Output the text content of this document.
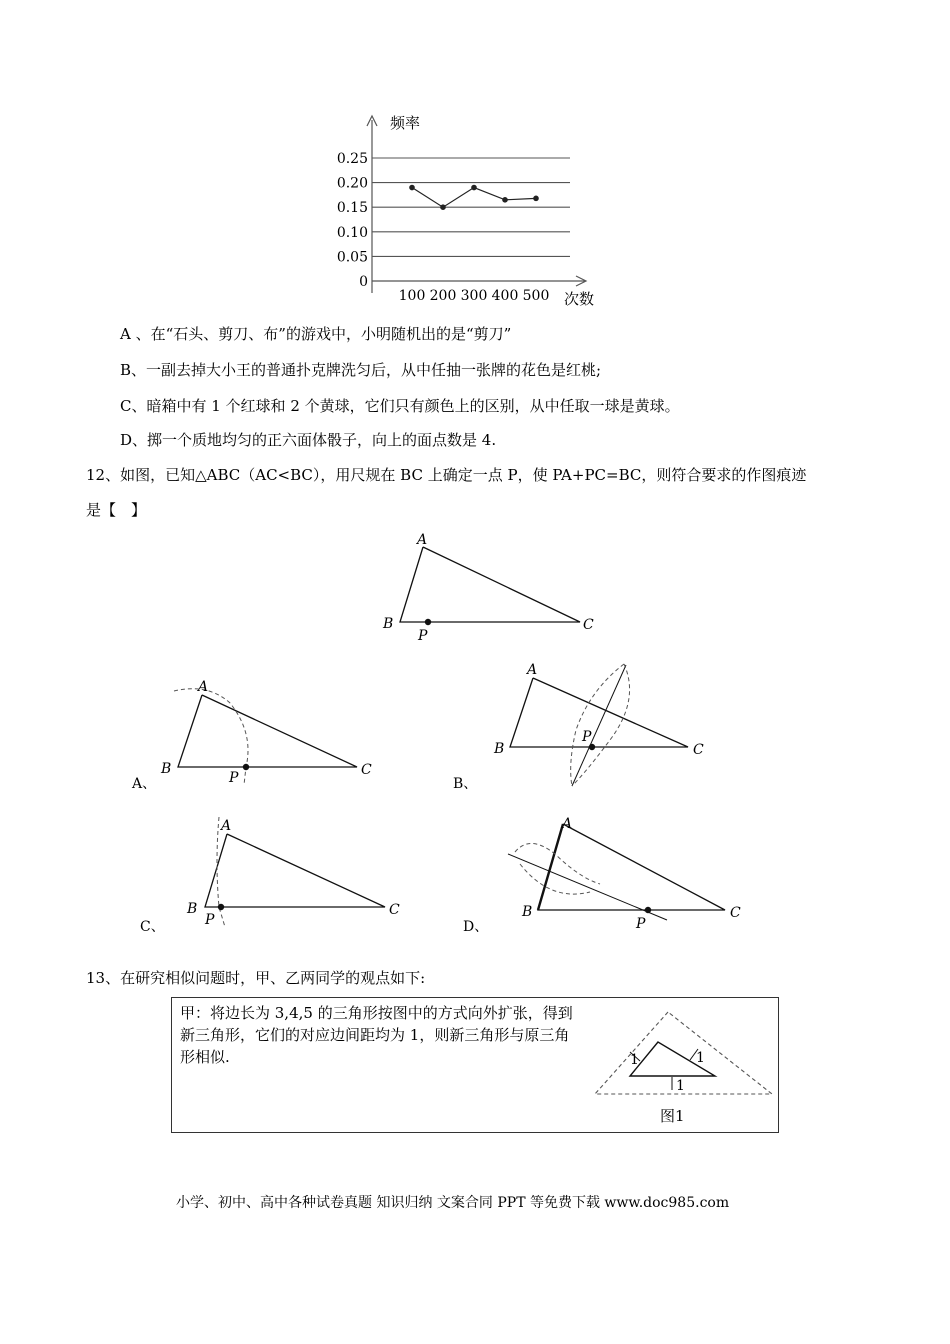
频率
次数
0.25
0.20
0.15
0.10
0.05
0
100 200 300 400 500
A 、在“石头、剪刀、布”的游戏中，小明随机出的是“剪刀”
B、一副去掉大小王的普通扑克牌洗匀后，从中任抽一张牌的花色是红桃;
C、暗箱中有 1 个红球和 2 个黄球，它们只有颜色上的区别，从中任取一球是黄球。
D、掷一个质地均匀的正六面体骰子，向上的面点数是 4.
12、如图，已知△ABC（AC<BC），用尺规在 BC 上确定一点 P，使 PA+PC=BC，则符合要求的作图痕迹
是【　】
A
B	C
P
A
B	C
P
A、
A
B	C
P
B、
A
B	C
P
C、
A
B	C
P
D、
13、在研究相似问题时，甲、乙两同学的观点如下:
甲：将边长为 3,4,5 的三角形按图中的方式向外扩张，得到新三角形，它们的对应边间距均为 1，则新三角形与原三角形相似.	1	1
1
图1
小学、初中、高中各种试卷真题 知识归纳 文案合同 PPT 等免费下载 www.doc985.com
